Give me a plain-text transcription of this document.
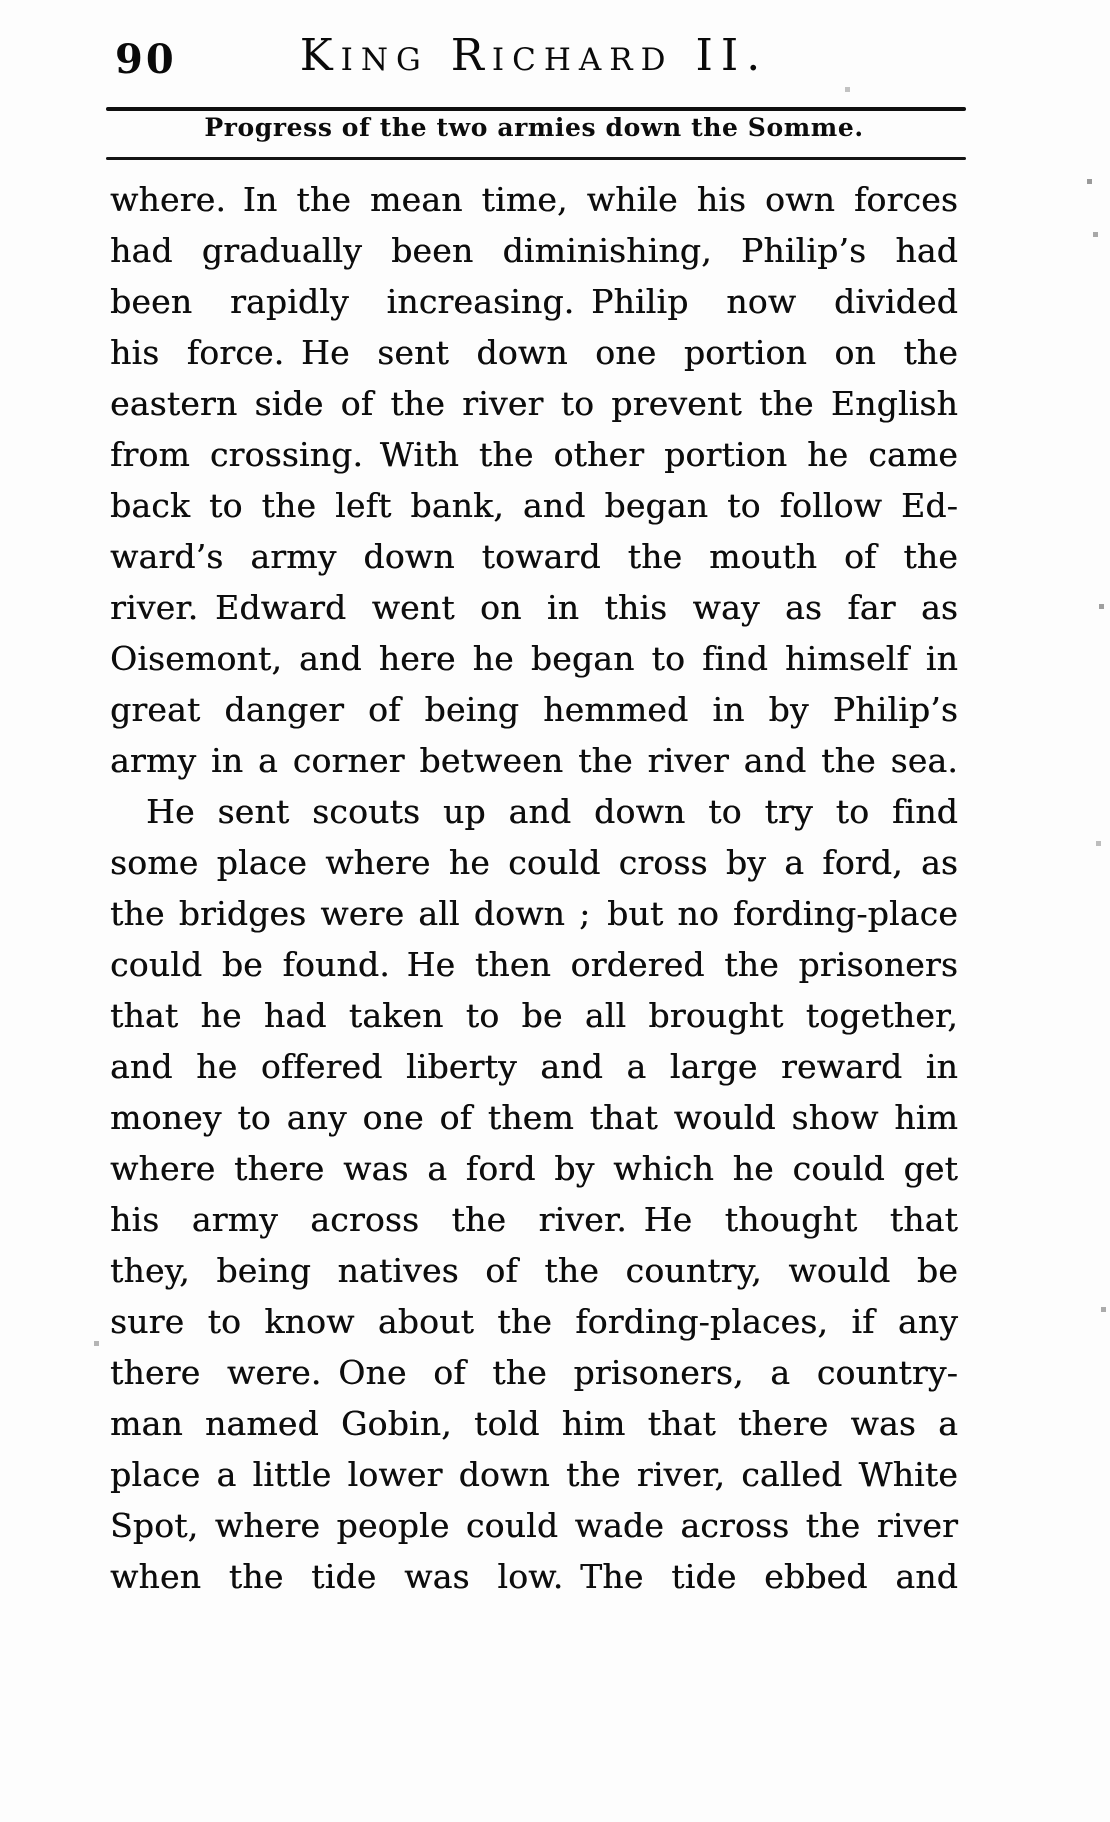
90	King Richard II.
Progress of the two armies down the Somme.
where. In the mean time, while his own forces
had gradually been diminishing, Philip’s had
been rapidly increasing. Philip now divided
his force. He sent down one portion on the
eastern side of the river to prevent the English
from crossing. With the other portion he came
back to the left bank, and began to follow Ed-
ward’s army down toward the mouth of the
river. Edward went on in this way as far as
Oisemont, and here he began to find himself in
great danger of being hemmed in by Philip’s
army in a corner between the river and the sea.
He sent scouts up and down to try to find
some place where he could cross by a ford, as
the bridges were all down ; but no fording-place
could be found. He then ordered the prisoners
that he had taken to be all brought together,
and he offered liberty and a large reward in
money to any one of them that would show him
where there was a ford by which he could get
his army across the river. He thought that
they, being natives of the country, would be
sure to know about the fording-places, if any
there were. One of the prisoners, a country-
man named Gobin, told him that there was a
place a little lower down the river, called White
Spot, where people could wade across the river
when the tide was low. The tide ebbed and
